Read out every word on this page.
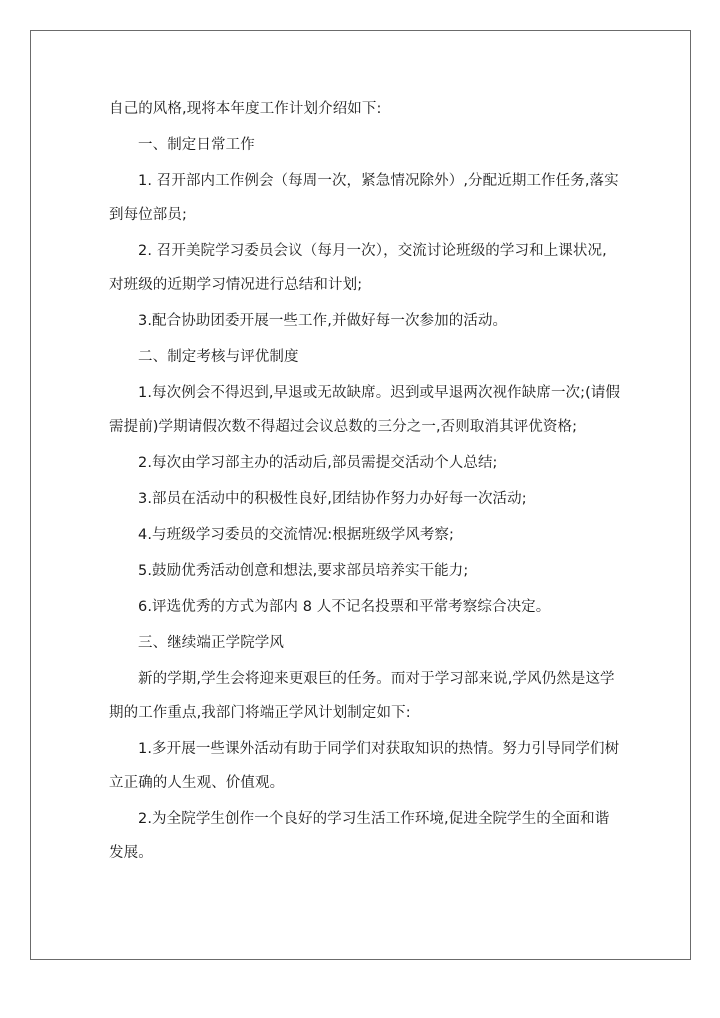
自己的风格,现将本年度工作计划介绍如下:
一、制定日常工作
1. 召开部内工作例会（每周一次，紧急情况除外）,分配近期工作任务,落实
到每位部员;
2. 召开美院学习委员会议（每月一次），交流讨论班级的学习和上课状况,
对班级的近期学习情况进行总结和计划;
3.配合协助团委开展一些工作,并做好每一次参加的活动。
二、制定考核与评优制度
1.每次例会不得迟到,早退或无故缺席。迟到或早退两次视作缺席一次;(请假
需提前)学期请假次数不得超过会议总数的三分之一,否则取消其评优资格;
2.每次由学习部主办的活动后,部员需提交活动个人总结;
3.部员在活动中的积极性良好,团结协作努力办好每一次活动;
4.与班级学习委员的交流情况:根据班级学风考察;
5.鼓励优秀活动创意和想法,要求部员培养实干能力;
6.评选优秀的方式为部内 8 人不记名投票和平常考察综合决定。
三、继续端正学院学风
新的学期,学生会将迎来更艰巨的任务。而对于学习部来说,学风仍然是这学
期的工作重点,我部门将端正学风计划制定如下:
1.多开展一些课外活动有助于同学们对获取知识的热情。努力引导同学们树
立正确的人生观、价值观。
2.为全院学生创作一个良好的学习生活工作环境,促进全院学生的全面和谐
发展。
